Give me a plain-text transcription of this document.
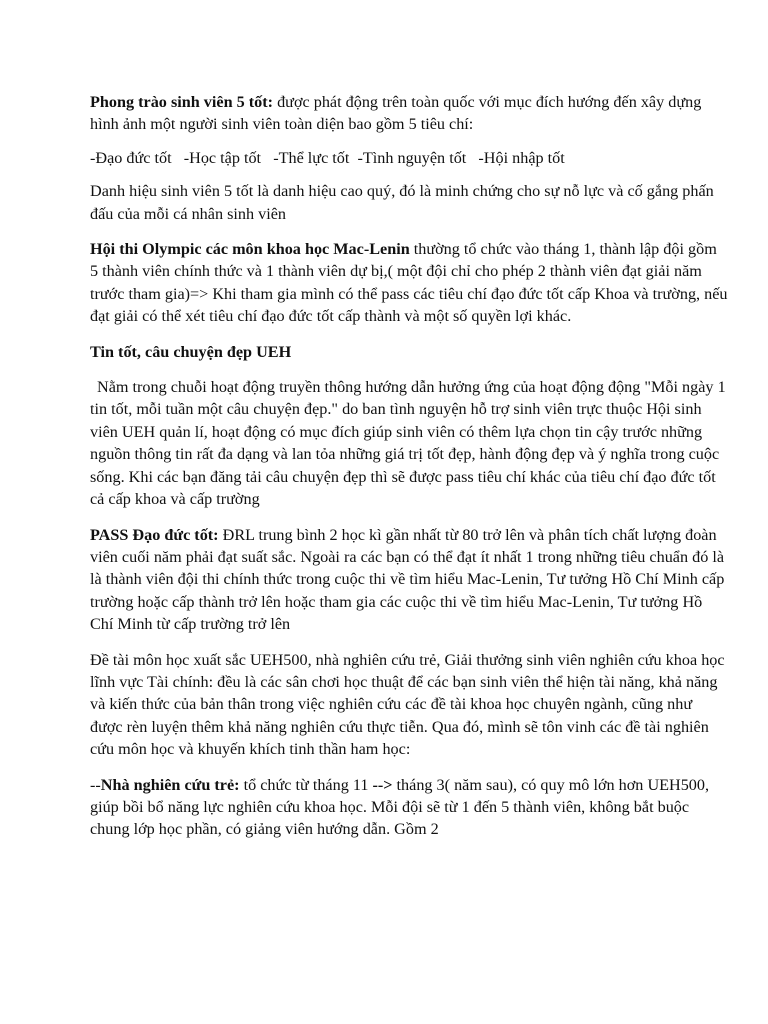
Phong trào sinh viên 5 tốt: được phát động trên toàn quốc với mục đích hướng đến xây dựng hình ảnh một người sinh viên toàn diện bao gồm 5 tiêu chí:

-Đạo đức tốt   -Học tập tốt   -Thể lực tốt  -Tình nguyện tốt   -Hội nhập tốt

Danh hiệu sinh viên 5 tốt là danh hiệu cao quý, đó là minh chứng cho sự nỗ lực và cố gắng phấn đấu của mỗi cá nhân sinh viên

Hội thi Olympic các môn khoa học Mac-Lenin thường tổ chức vào tháng 1, thành lập đội gồm 5 thành viên chính thức và 1 thành viên dự bị,( một đội chỉ cho phép 2 thành viên đạt giải năm trước tham gia)=> Khi tham gia mình có thể pass các tiêu chí đạo đức tốt cấp Khoa và trường, nếu đạt giải có thể xét tiêu chí đạo đức tốt cấp thành và một số quyền lợi khác.

Tin tốt, câu chuyện đẹp UEH

Nằm trong chuỗi hoạt động truyền thông hướng dẫn hưởng ứng của hoạt động động "Mỗi ngày 1 tin tốt, mỗi tuần một câu chuyện đẹp." do ban tình nguyện hỗ trợ sinh viên trực thuộc Hội sinh viên UEH quản lí, hoạt động có mục đích giúp sinh viên có thêm lựa chọn tin cậy trước những nguồn thông tin rất đa dạng và lan tỏa những giá trị tốt đẹp, hành động đẹp và ý nghĩa trong cuộc sống. Khi các bạn đăng tải câu chuyện đẹp thì sẽ được pass tiêu chí khác của tiêu chí đạo đức tốt cả cấp khoa và cấp trường

PASS Đạo đức tốt: ĐRL trung bình 2 học kì gần nhất từ 80 trở lên và phân tích chất lượng đoàn viên cuối năm phải đạt suất sắc. Ngoài ra các bạn có thể đạt ít nhất 1 trong những tiêu chuẩn đó là là thành viên đội thi chính thức trong cuộc thi về tìm hiểu Mac-Lenin, Tư tưởng Hồ Chí Minh cấp trường hoặc cấp thành trở lên hoặc tham gia các cuộc thi về tìm hiểu Mac-Lenin, Tư tưởng Hồ Chí Minh từ cấp trường trở lên

Đề tài môn học xuất sắc UEH500, nhà nghiên cứu trẻ, Giải thưởng sinh viên nghiên cứu khoa học lĩnh vực Tài chính: đều là các sân chơi học thuật để các bạn sinh viên thể hiện tài năng, khả năng và kiến thức của bản thân trong việc nghiên cứu các đề tài khoa học chuyên ngành, cũng như được rèn luyện thêm khả năng nghiên cứu thực tiễn. Qua đó, mình sẽ tôn vinh các đề tài nghiên cứu môn học và khuyến khích tinh thần ham học:

--Nhà nghiên cứu trẻ: tổ chức từ tháng 11 --> tháng 3( năm sau), có quy mô lớn hơn UEH500, giúp bồi bổ năng lực nghiên cứu khoa học. Mỗi đội sẽ từ 1 đến 5 thành viên, không bắt buộc chung lớp học phần, có giảng viên hướng dẫn. Gồm 2
